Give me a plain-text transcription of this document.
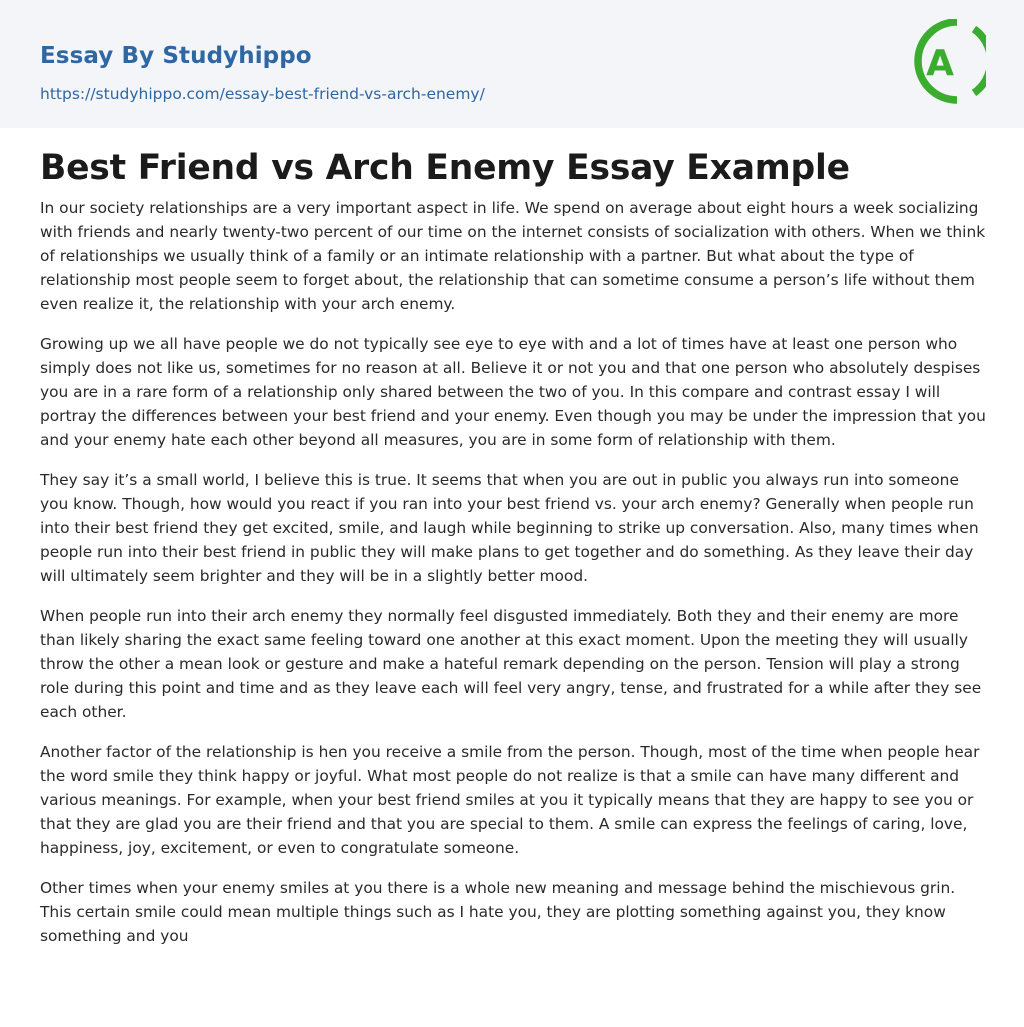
Essay By Studyhippo
https://studyhippo.com/essay-best-friend-vs-arch-enemy/
A
Best Friend vs Arch Enemy Essay Example

In our society relationships are a very important aspect in life. We spend on average about eight hours a week socializing with friends and nearly twenty-two percent of our time on the internet consists of socialization with others. When we think of relationships we usually think of a family or an intimate relationship with a partner. But what about the type of relationship most people seem to forget about, the relationship that can sometime consume a person’s life without them even realize it, the relationship with your arch enemy.

Growing up we all have people we do not typically see eye to eye with and a lot of times have at least one person who simply does not like us, sometimes for no reason at all. Believe it or not you and that one person who absolutely despises you are in a rare form of a relationship only shared between the two of you. In this compare and contrast essay I will portray the differences between your best friend and your enemy. Even though you may be under the impression that you and your enemy hate each other beyond all measures, you are in some form of relationship with them.

They say it’s a small world, I believe this is true. It seems that when you are out in public you always run into someone you know. Though, how would you react if you ran into your best friend vs. your arch enemy? Generally when people run into their best friend they get excited, smile, and laugh while beginning to strike up conversation. Also, many times when people run into their best friend in public they will make plans to get together and do something. As they leave their day will ultimately seem brighter and they will be in a slightly better mood.

When people run into their arch enemy they normally feel disgusted immediately. Both they and their enemy are more than likely sharing the exact same feeling toward one another at this exact moment. Upon the meeting they will usually throw the other a mean look or gesture and make a hateful remark depending on the person. Tension will play a strong role during this point and time and as they leave each will feel very angry, tense, and frustrated for a while after they see each other.

Another factor of the relationship is hen you receive a smile from the person. Though, most of the time when people hear the word smile they think happy or joyful. What most people do not realize is that a smile can have many different and various meanings. For example, when your best friend smiles at you it typically means that they are happy to see you or that they are glad you are their friend and that you are special to them. A smile can express the feelings of caring, love, happiness, joy, excitement, or even to congratulate someone.

Other times when your enemy smiles at you there is a whole new meaning and message behind the mischievous grin. This certain smile could mean multiple things such as I hate you, they are plotting something against you, they know something and you
